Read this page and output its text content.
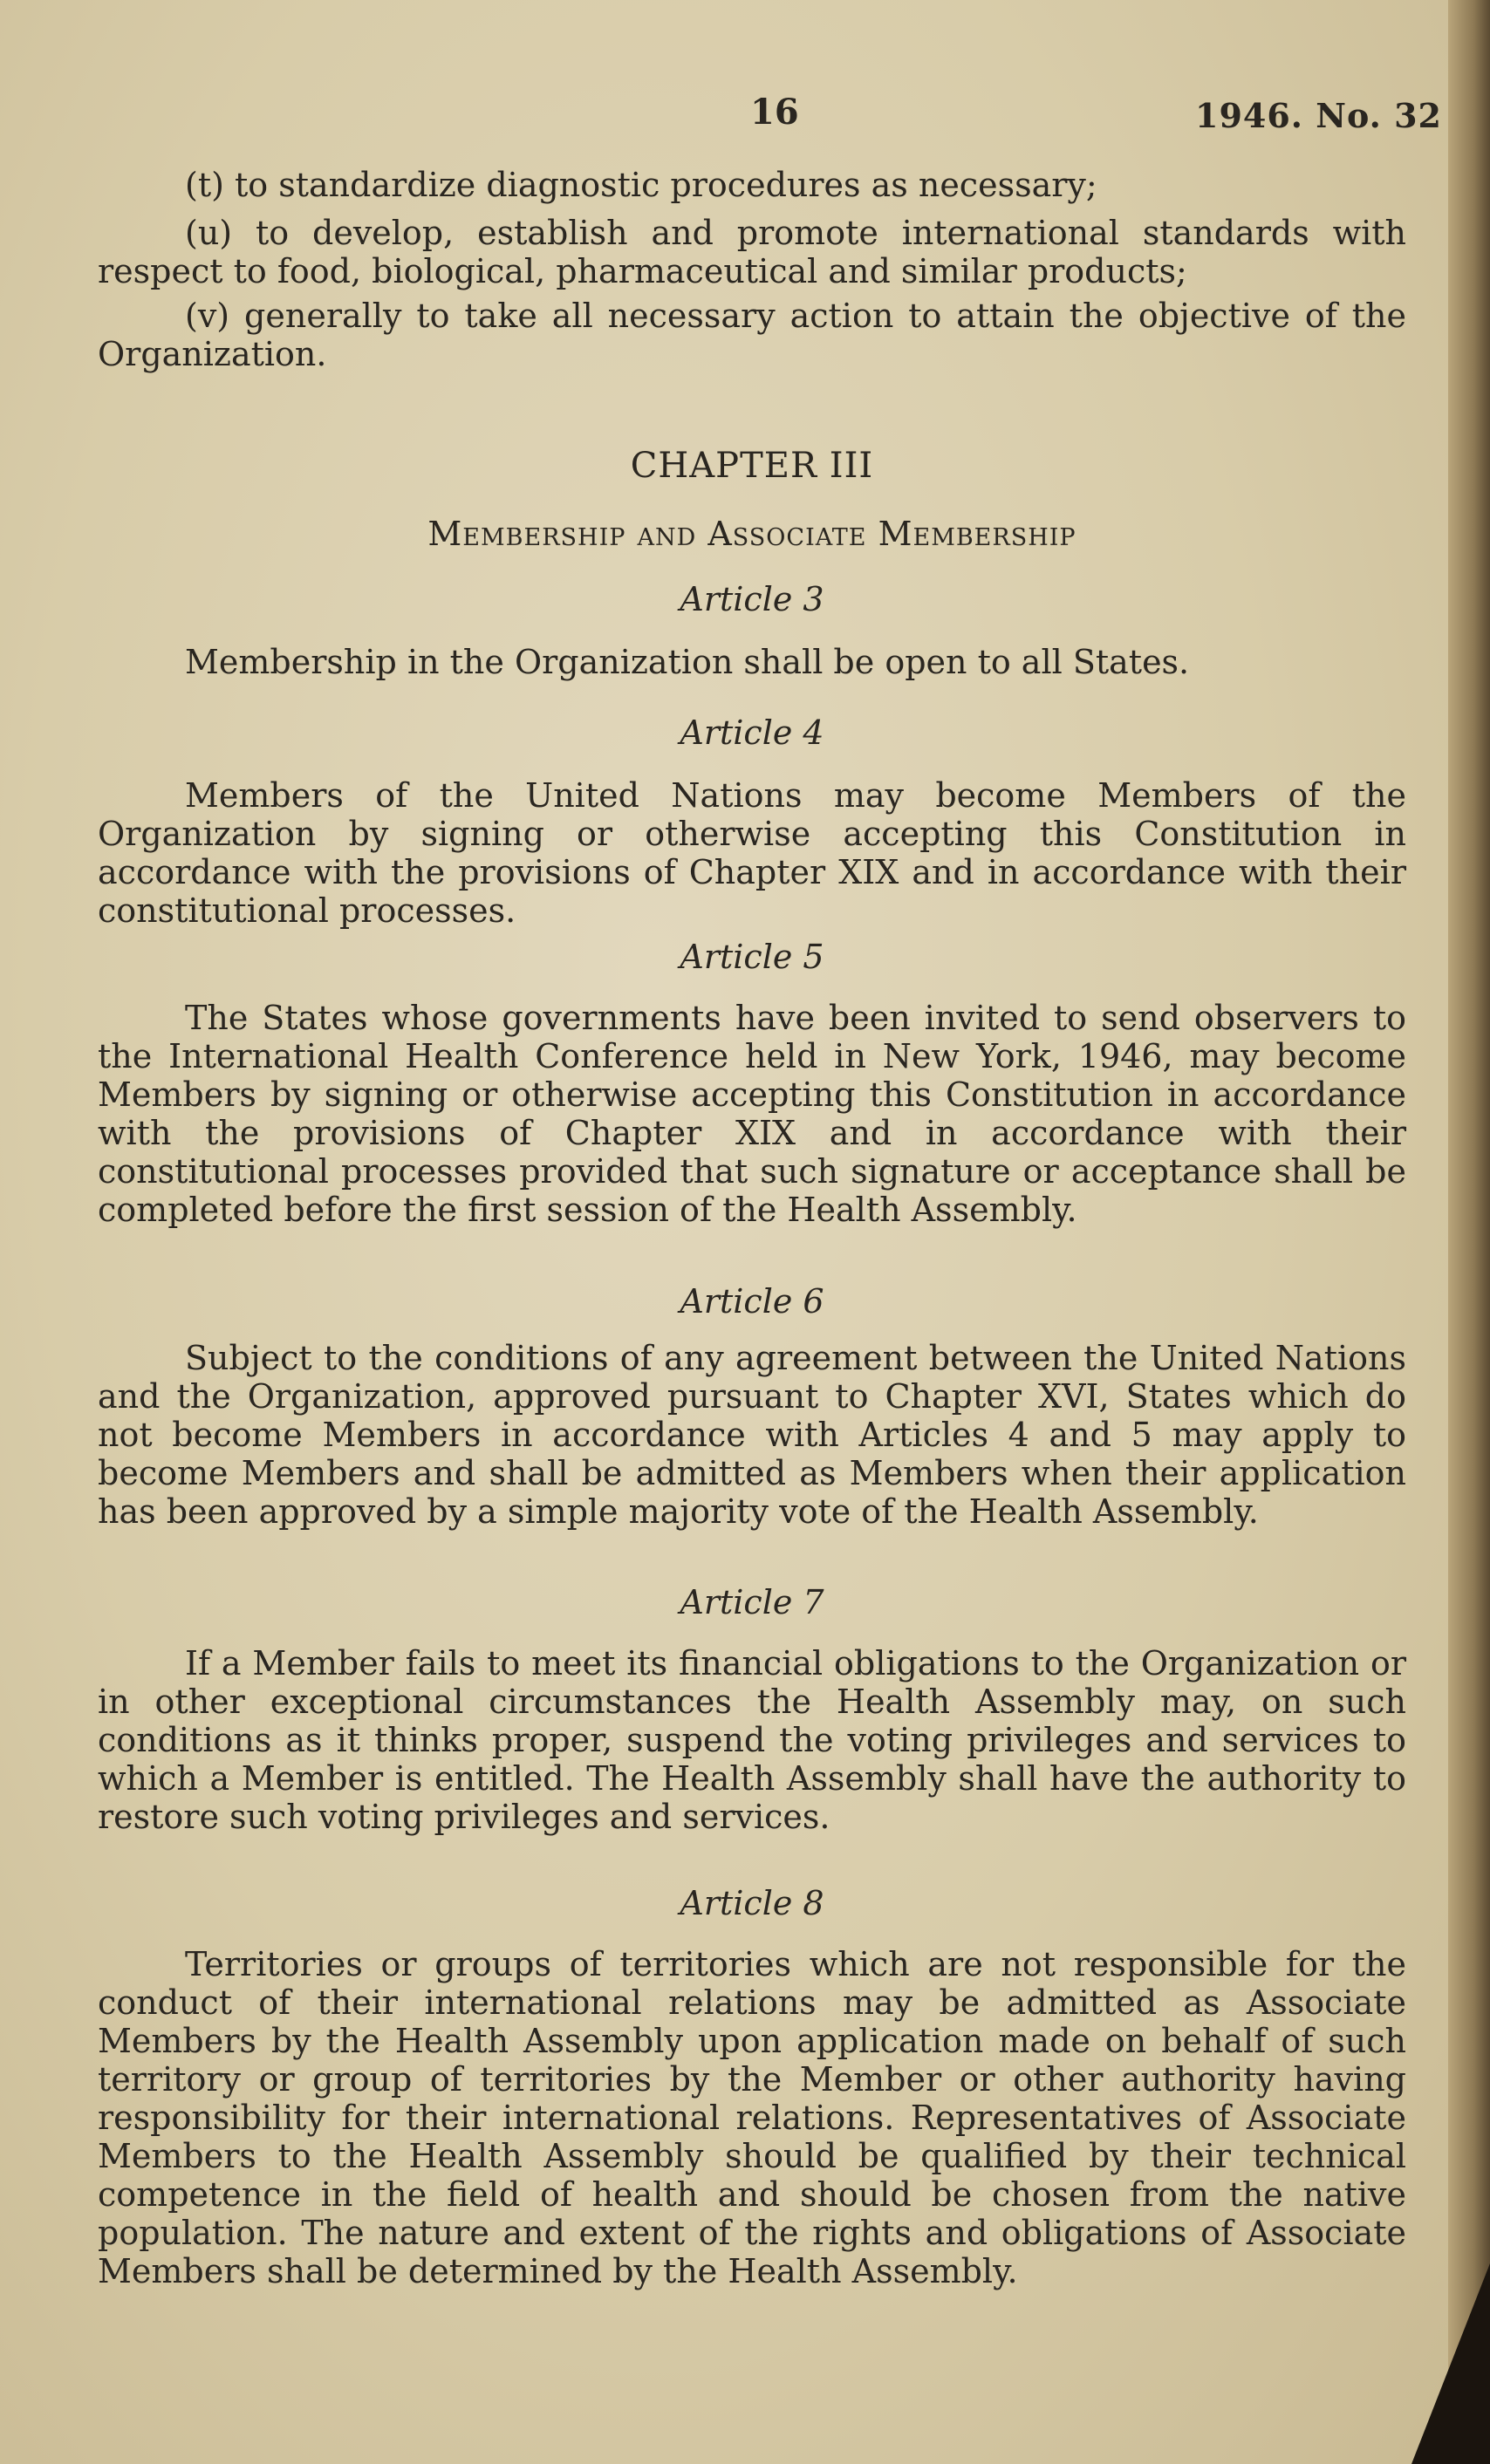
16	1946. No. 32

(t) to standardize diagnostic procedures as necessary;

(u) to develop, establish and promote international standards with respect to food, biological, pharmaceutical and similar products;

(v) generally to take all necessary action to attain the objective of the Organization.

CHAPTER III
Membership and Associate Membership
Article 3

Membership in the Organization shall be open to all States.

Article 4

Members of the United Nations may become Members of the Organization by signing or otherwise accepting this Constitution in accordance with the provisions of Chapter XIX and in accordance with their constitutional processes.

Article 5

The States whose governments have been invited to send observers to the International Health Conference held in New York, 1946, may become Members by signing or otherwise accepting this Constitution in accordance with the provisions of Chapter XIX and in accordance with their constitutional processes provided that such signature or acceptance shall be completed before the first session of the Health Assembly.

Article 6

Subject to the conditions of any agreement between the United Nations and the Organization, approved pursuant to Chapter XVI, States which do not become Members in accordance with Articles 4 and 5 may apply to become Members and shall be admitted as Members when their application has been approved by a simple majority vote of the Health Assembly.

Article 7

If a Member fails to meet its financial obligations to the Organization or in other exceptional circumstances the Health Assembly may, on such conditions as it thinks proper, suspend the voting privileges and services to which a Member is entitled. The Health Assembly shall have the authority to restore such voting privileges and services.

Article 8

Territories or groups of territories which are not responsible for the conduct of their international relations may be admitted as Associate Members by the Health Assembly upon application made on behalf of such territory or group of territories by the Member or other authority having responsibility for their international relations. Representatives of Associate Members to the Health Assembly should be qualified by their technical competence in the field of health and should be chosen from the native population. The nature and extent of the rights and obligations of Associate Members shall be determined by the Health Assembly.
